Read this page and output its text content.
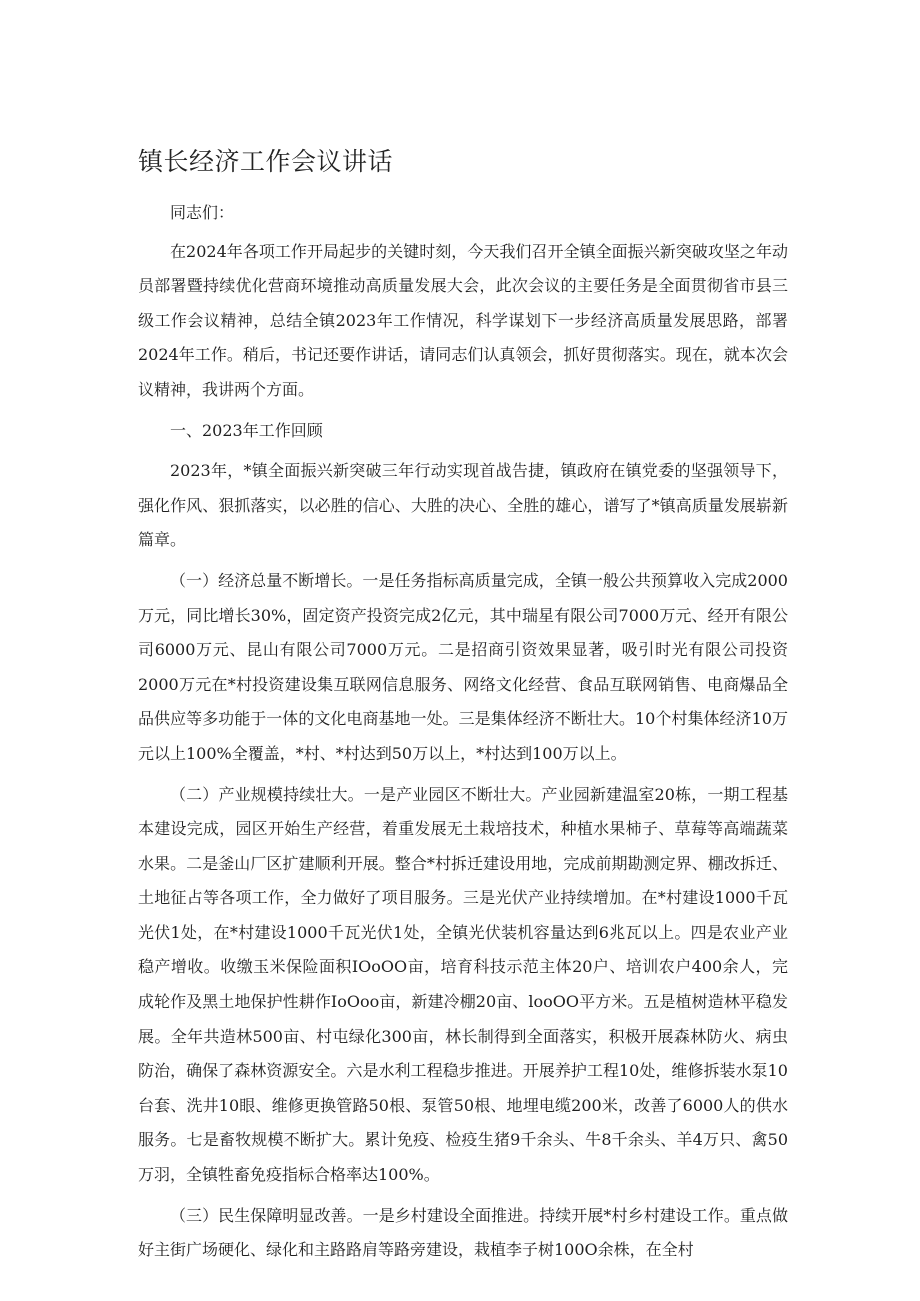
镇长经济工作会议讲话

同志们：

在2024年各项工作开局起步的关键时刻，今天我们召开全镇全面振兴新突破攻坚之年动员部署暨持续优化营商环境推动高质量发展大会，此次会议的主要任务是全面贯彻省市县三级工作会议精神，总结全镇2023年工作情况，科学谋划下一步经济高质量发展思路，部署2024年工作。稍后，书记还要作讲话，请同志们认真领会，抓好贯彻落实。现在，就本次会议精神，我讲两个方面。

一、2023年工作回顾

2023年，*镇全面振兴新突破三年行动实现首战告捷，镇政府在镇党委的坚强领导下，强化作风、狠抓落实，以必胜的信心、大胜的决心、全胜的雄心，谱写了*镇高质量发展崭新篇章。

（一）经济总量不断增长。一是任务指标高质量完成，全镇一般公共预算收入完成2000万元，同比增长30%，固定资产投资完成2亿元，其中瑞星有限公司7000万元、经开有限公司6000万元、昆山有限公司7000万元。二是招商引资效果显著，吸引时光有限公司投资2000万元在*村投资建设集互联网信息服务、网络文化经营、食品互联网销售、电商爆品全品供应等多功能于一体的文化电商基地一处。三是集体经济不断壮大。10个村集体经济10万元以上100%全覆盖，*村、*村达到50万以上，*村达到100万以上。

（二）产业规模持续壮大。一是产业园区不断壮大。产业园新建温室20栋，一期工程基本建设完成，园区开始生产经营，着重发展无土栽培技术，种植水果柿子、草莓等高端蔬菜水果。二是釜山厂区扩建顺利开展。整合*村拆迁建设用地，完成前期勘测定界、棚改拆迁、土地征占等各项工作，全力做好了项目服务。三是光伏产业持续增加。在*村建设1000千瓦光伏1处，在*村建设1000千瓦光伏1处，全镇光伏装机容量达到6兆瓦以上。四是农业产业稳产增收。收缴玉米保险面积IOoOO亩，培育科技示范主体20户、培训农户400余人，完成轮作及黑土地保护性耕作IoOoo亩，新建冷棚20亩、looOO平方米。五是植树造林平稳发展。全年共造林500亩、村屯绿化300亩，林长制得到全面落实，积极开展森林防火、病虫防治，确保了森林资源安全。六是水利工程稳步推进。开展养护工程10处，维修拆装水泵10台套、洗井10眼、维修更换管路50根、泵管50根、地埋电缆200米，改善了6000人的供水服务。七是畜牧规模不断扩大。累计免疫、检疫生猪9千余头、牛8千余头、羊4万只、禽50万羽，全镇牲畜免疫指标合格率达100%。

（三）民生保障明显改善。一是乡村建设全面推进。持续开展*村乡村建设工作。重点做好主街广场硬化、绿化和主路路肩等路旁建设，栽植李子树100O余株，在全村
